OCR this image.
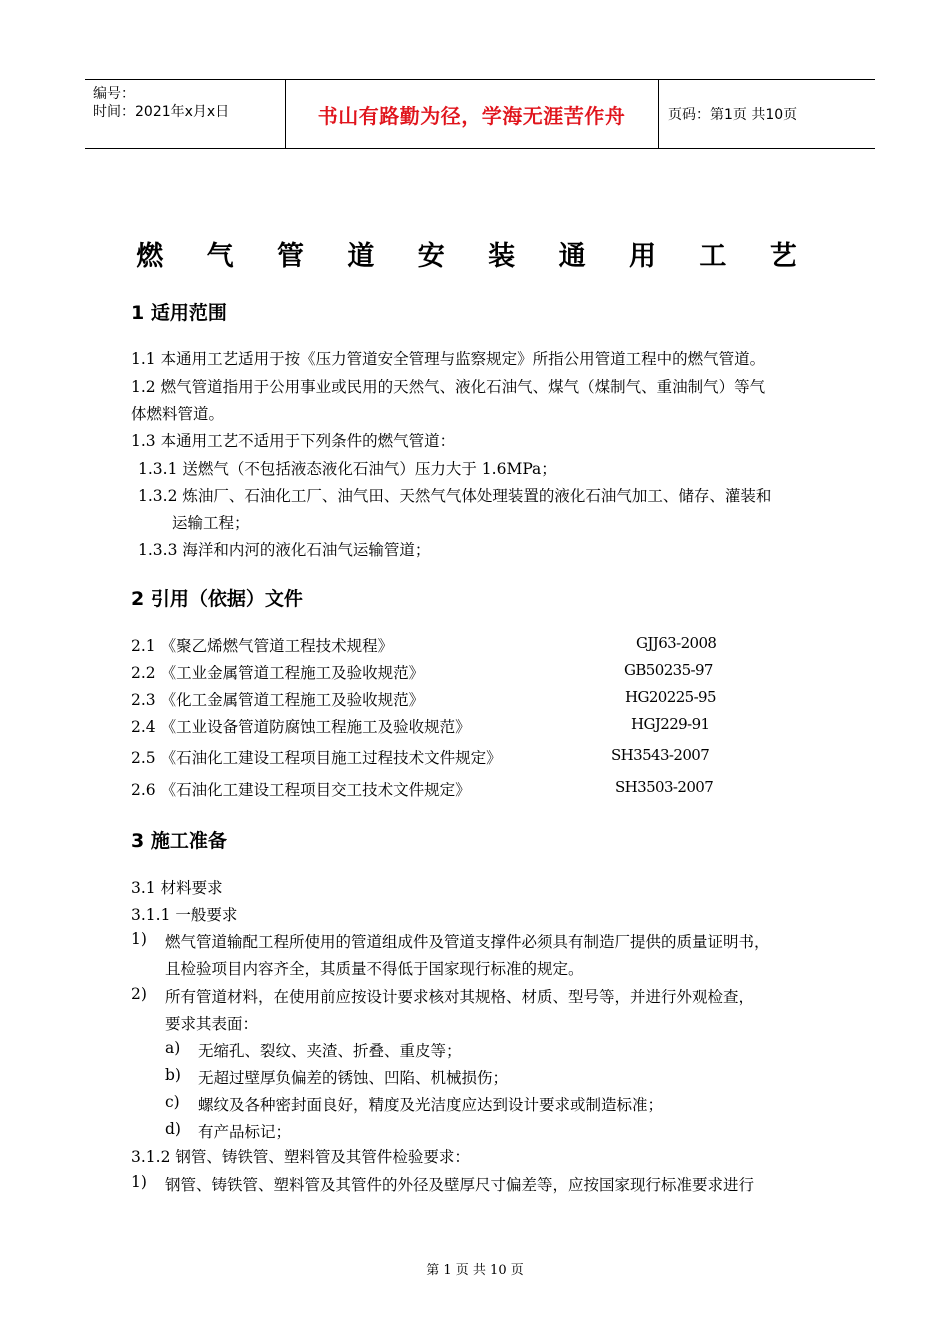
编号：
时间：2021年x月x日	书山有路勤为径，学海无涯苦作舟	页码：第1页 共10页
燃 气 管 道 安 装 通 用 工 艺
1 适用范围
1.1 本通用工艺适用于按《压力管道安全管理与监察规定》所指公用管道工程中的燃气管道。
1.2 燃气管道指用于公用事业或民用的天然气、液化石油气、煤气（煤制气、重油制气）等气
体燃料管道。
1.3 本通用工艺不适用于下列条件的燃气管道：
1.3.1 送燃气（不包括液态液化石油气）压力大于 1.6MPa；
1.3.2 炼油厂、石油化工厂、油气田、天然气气体处理装置的液化石油气加工、储存、灌装和
运输工程；
1.3.3 海洋和内河的液化石油气运输管道；
2 引用（依据）文件
2.1 《聚乙烯燃气管道工程技术规程》	GJJ63-2008
2.2 《工业金属管道工程施工及验收规范》	GB50235-97
2.3 《化工金属管道工程施工及验收规范》	HG20225-95
2.4 《工业设备管道防腐蚀工程施工及验收规范》	HGJ229-91
2.5 《石油化工建设工程项目施工过程技术文件规定》	SH3543-2007
2.6 《石油化工建设工程项目交工技术文件规定》	SH3503-2007
3 施工准备
3.1 材料要求
3.1.1 一般要求
1) 燃气管道输配工程所使用的管道组成件及管道支撑件必须具有制造厂提供的质量证明书，
且检验项目内容齐全，其质量不得低于国家现行标准的规定。
2) 所有管道材料，在使用前应按设计要求核对其规格、材质、型号等，并进行外观检查，
要求其表面：
a) 无缩孔、裂纹、夹渣、折叠、重皮等；
b) 无超过壁厚负偏差的锈蚀、凹陷、机械损伤；
c) 螺纹及各种密封面良好，精度及光洁度应达到设计要求或制造标准；
d) 有产品标记；
3.1.2 钢管、铸铁管、塑料管及其管件检验要求：
1) 钢管、铸铁管、塑料管及其管件的外径及壁厚尺寸偏差等，应按国家现行标准要求进行
第 1 页 共 10 页
